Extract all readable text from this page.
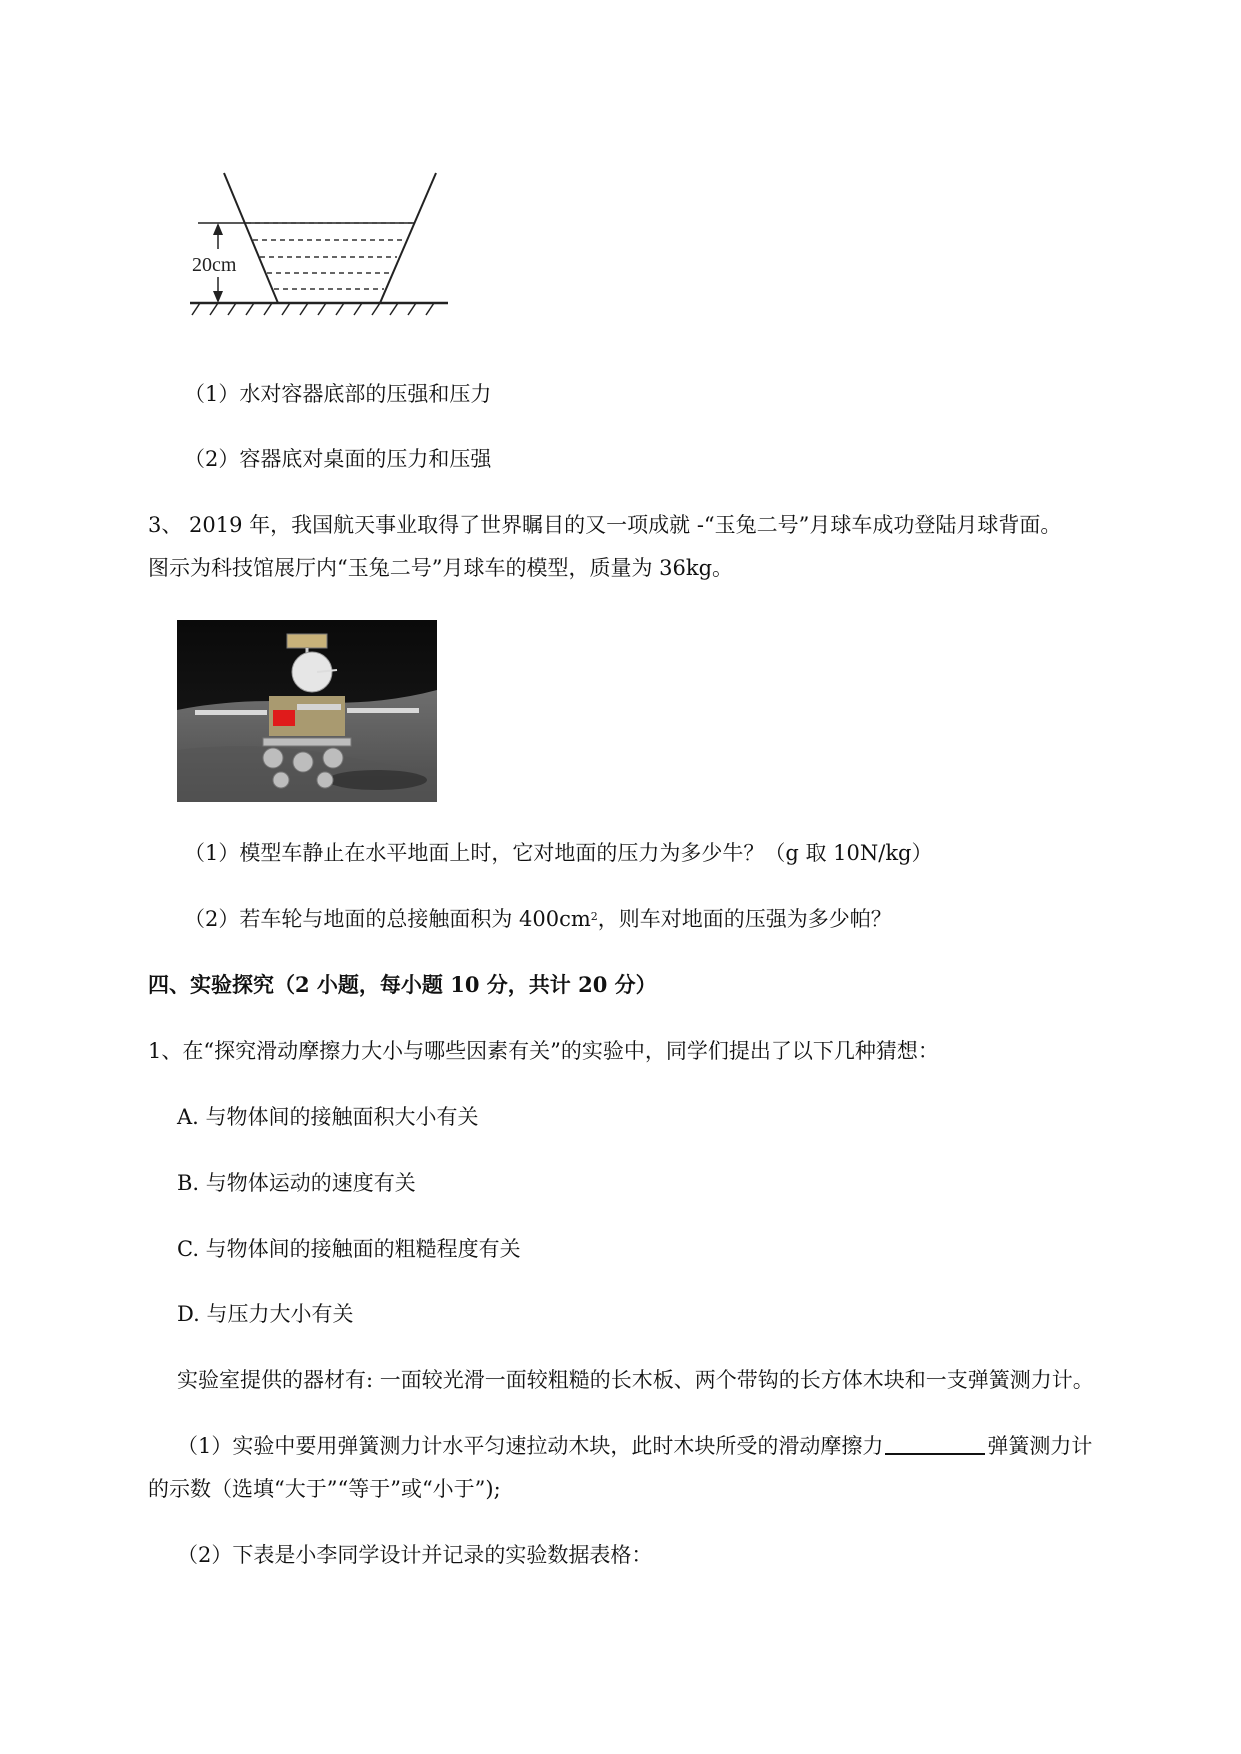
20cm
（1）水对容器底部的压强和压力
（2）容器底对桌面的压力和压强
3、 2019 年，我国航天事业取得了世界瞩目的又一项成就 -“玉兔二号”月球车成功登陆月球背面。
图示为科技馆展厅内“玉兔二号”月球车的模型，质量为 36kg。
（1）模型车静止在水平地面上时，它对地面的压力为多少牛？（g 取 10N/kg）
（2）若车轮与地面的总接触面积为 $400cm^2$，则车对地面的压强为多少帕？
四、实验探究（2 小题，每小题 10 分，共计 20 分）
1、在“探究滑动摩擦力大小与哪些因素有关”的实验中，同学们提出了以下几种猜想：
A. 与物体间的接触面积大小有关
B. 与物体运动的速度有关
C. 与物体间的接触面的粗糙程度有关
D. 与压力大小有关
实验室提供的器材有: 一面较光滑一面较粗糙的长木板、两个带钩的长方体木块和一支弹簧测力计。
（1）实验中要用弹簧测力计水平匀速拉动木块，此时木块所受的滑动摩擦力	弹簧测力计
的示数（选填“大于”“等于”或“小于”);
（2）下表是小李同学设计并记录的实验数据表格：
